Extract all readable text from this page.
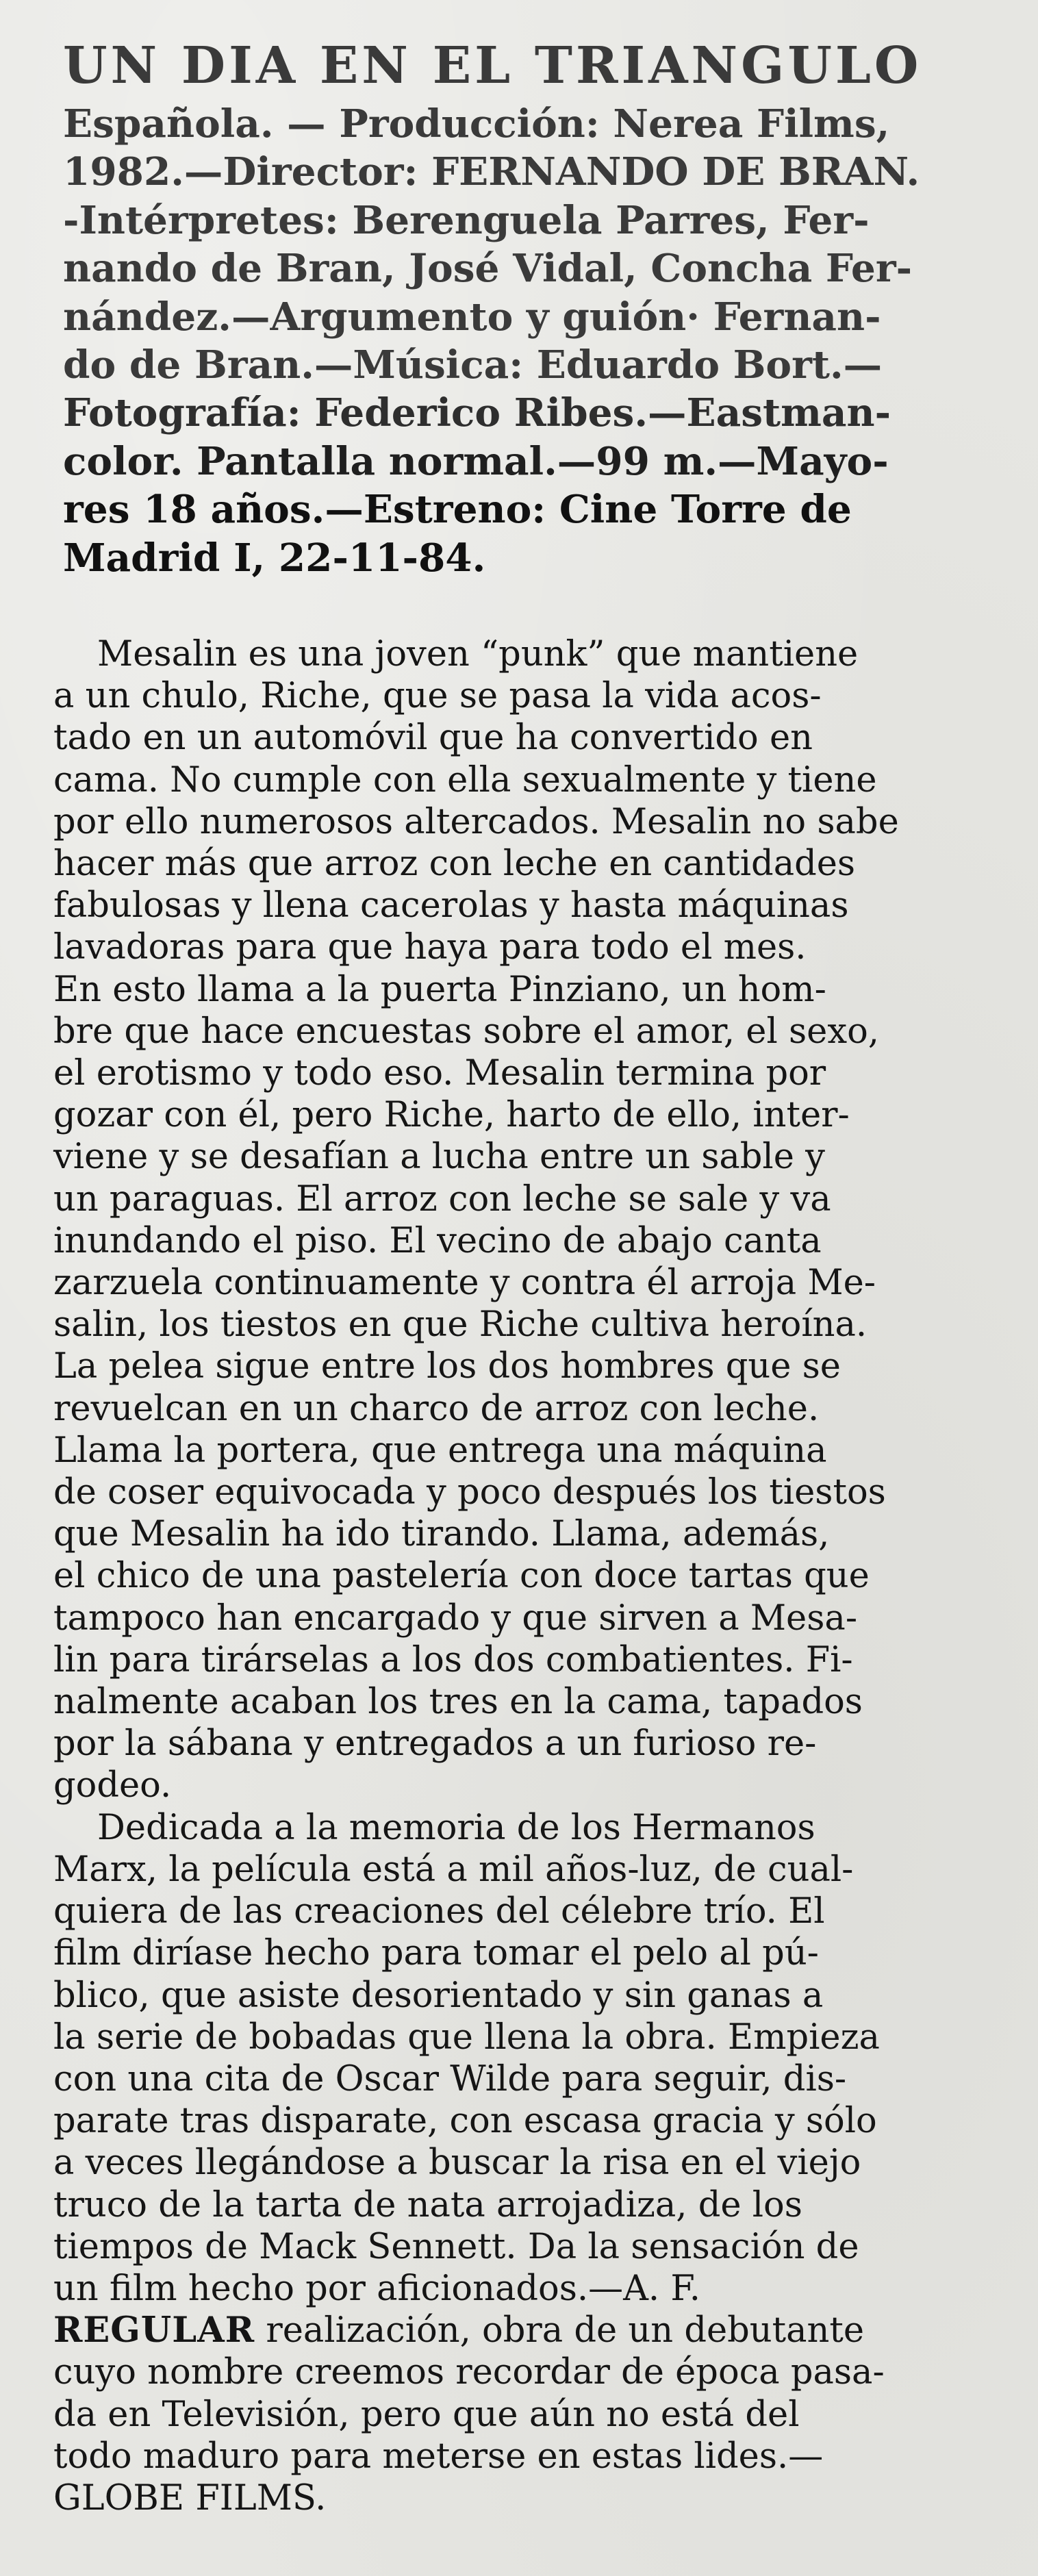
UN DIA EN EL TRIANGULO
Española. — Producción: Nerea Films,
1982.—Director: FERNANDO DE BRAN.
-Intérpretes: Berenguela Parres, Fer-
nando de Bran, José Vidal, Concha Fer-
nández.—Argumento y guión· Fernan-
do de Bran.—Música: Eduardo Bort.—
Fotografía: Federico Ribes.—Eastman-
color. Pantalla normal.—99 m.—Mayo-
res 18 años.—Estreno: Cine Torre de
Madrid I, 22-11-84.
Mesalin es una joven “punk” que mantiene
a un chulo, Riche, que se pasa la vida acos-
tado en un automóvil que ha convertido en
cama. No cumple con ella sexualmente y tiene
por ello numerosos altercados. Mesalin no sabe
hacer más que arroz con leche en cantidades
fabulosas y llena cacerolas y hasta máquinas
lavadoras para que haya para todo el mes.
En esto llama a la puerta Pinziano, un hom-
bre que hace encuestas sobre el amor, el sexo,
el erotismo y todo eso. Mesalin termina por
gozar con él, pero Riche, harto de ello, inter-
viene y se desafían a lucha entre un sable y
un paraguas. El arroz con leche se sale y va
inundando el piso. El vecino de abajo canta
zarzuela continuamente y contra él arroja Me-
salin, los tiestos en que Riche cultiva heroína.
La pelea sigue entre los dos hombres que se
revuelcan en un charco de arroz con leche.
Llama la portera, que entrega una máquina
de coser equivocada y poco después los tiestos
que Mesalin ha ido tirando. Llama, además,
el chico de una pastelería con doce tartas que
tampoco han encargado y que sirven a Mesa-
lin para tirárselas a los dos combatientes. Fi-
nalmente acaban los tres en la cama, tapados
por la sábana y entregados a un furioso re-
godeo.
Dedicada a la memoria de los Hermanos
Marx, la película está a mil años-luz, de cual-
quiera de las creaciones del célebre trío. El
film diríase hecho para tomar el pelo al pú-
blico, que asiste desorientado y sin ganas a
la serie de bobadas que llena la obra. Empieza
con una cita de Oscar Wilde para seguir, dis-
parate tras disparate, con escasa gracia y sólo
a veces llegándose a buscar la risa en el viejo
truco de la tarta de nata arrojadiza, de los
tiempos de Mack Sennett. Da la sensación de
un film hecho por aficionados.—A. F.
REGULAR realización, obra de un debutante
cuyo nombre creemos recordar de época pasa-
da en Televisión, pero que aún no está del
todo maduro para meterse en estas lides.—
GLOBE FILMS.
